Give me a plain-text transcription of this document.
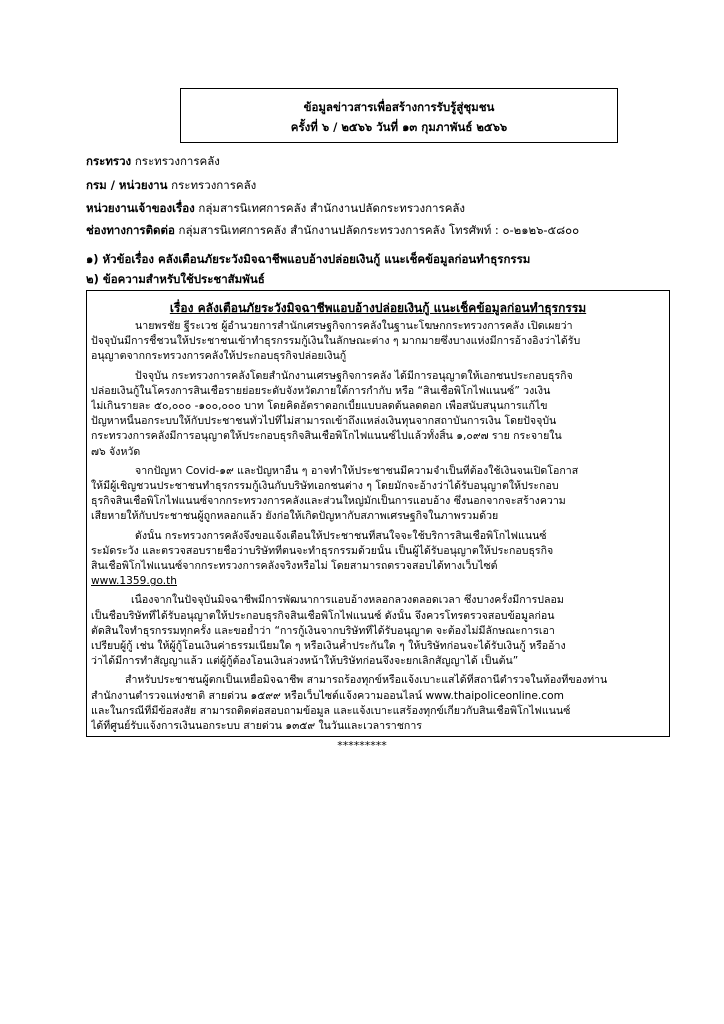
ข้อมูลข่าวสารเพื่อสร้างการรับรู้สู่ชุมชน
ครั้งที่ ๖ / ๒๕๖๖ วันที่ ๑๓ กุมภาพันธ์ ๒๕๖๖
กระทรวง กระทรวงการคลัง
กรม / หน่วยงาน กระทรวงการคลัง
หน่วยงานเจ้าของเรื่อง กลุ่มสารนิเทศการคลัง สำนักงานปลัดกระทรวงการคลัง
ช่องทางการติดต่อ กลุ่มสารนิเทศการคลัง สำนักงานปลัดกระทรวงการคลัง โทรศัพท์ : ๐-๒๑๒๖-๕๘๐๐
๑) หัวข้อเรื่อง คลังเตือนภัยระวังมิจฉาชีพแอบอ้างปล่อยเงินกู้ แนะเช็คข้อมูลก่อนทำธุรกรรม
๒) ข้อความสำหรับใช้ประชาสัมพันธ์
เรื่อง คลังเตือนภัยระวังมิจฉาชีพแอบอ้างปล่อยเงินกู้ แนะเช็คข้อมูลก่อนทำธุรกรรม
นายพรชัย ฐีระเวช ผู้อำนวยการสำนักเศรษฐกิจการคลังในฐานะโฆษกกระทรวงการคลัง เปิดเผยว่า
ปัจจุบันมีการชี้ชวนให้ประชาชนเข้าทำธุรกรรมกู้เงินในลักษณะต่าง ๆ มากมายซึ่งบางแห่งมีการอ้างอิงว่าได้รับ
อนุญาตจากกระทรวงการคลังให้ประกอบธุรกิจปล่อยเงินกู้
ปัจจุบัน กระทรวงการคลังโดยสำนักงานเศรษฐกิจการคลัง ได้มีการอนุญาตให้เอกชนประกอบธุรกิจ
ปล่อยเงินกู้ในโครงการสินเชื่อรายย่อยระดับจังหวัดภายใต้การกำกับ หรือ “สินเชื่อพิโกไฟแนนซ์” วงเงิน
ไม่เกินรายละ ๕๐,๐๐๐ -๑๐๐,๐๐๐ บาท โดยคิดอัตราดอกเบี้ยแบบลดต้นลดดอก เพื่อสนับสนุนการแก้ไข
ปัญหาหนี้นอกระบบให้กับประชาชนทั่วไปที่ไม่สามารถเข้าถึงแหล่งเงินทุนจากสถาบันการเงิน โดยปัจจุบัน
กระทรวงการคลังมีการอนุญาตให้ประกอบธุรกิจสินเชื่อพิโกไฟแนนซ์ไปแล้วทั้งสิ้น ๑,๐๙๗ ราย กระจายใน
๗๖ จังหวัด
จากปัญหา Covid-๑๙ และปัญหาอื่น ๆ อาจทำให้ประชาชนมีความจำเป็นที่ต้องใช้เงินจนเปิดโอกาส
ให้มีผู้เชิญชวนประชาชนทำธุรกรรมกู้เงินกับบริษัทเอกชนต่าง ๆ โดยมักจะอ้างว่าได้รับอนุญาตให้ประกอบ
ธุรกิจสินเชื่อพิโกไฟแนนซ์จากกระทรวงการคลังและส่วนใหญ่มักเป็นการแอบอ้าง ซึ่งนอกจากจะสร้างความ
เสียหายให้กับประชาชนผู้ถูกหลอกแล้ว ยังก่อให้เกิดปัญหากับสภาพเศรษฐกิจในภาพรวมด้วย
ดังนั้น กระทรวงการคลังจึงขอแจ้งเตือนให้ประชาชนที่สนใจจะใช้บริการสินเชื่อพิโกไฟแนนซ์
ระมัดระวัง และตรวจสอบรายชื่อว่าบริษัทที่ตนจะทำธุรกรรมด้วยนั้น เป็นผู้ได้รับอนุญาตให้ประกอบธุรกิจ
สินเชื่อพิโกไฟแนนซ์จากกระทรวงการคลังจริงหรือไม่ โดยสามารถตรวจสอบได้ทางเว็บไซต์
www.1359.go.th
เนื่องจากในปัจจุบันมิจฉาชีพมีการพัฒนาการแอบอ้างหลอกลวงตลอดเวลา ซึ่งบางครั้งมีการปลอม
เป็นชื่อบริษัทที่ได้รับอนุญาตให้ประกอบธุรกิจสินเชื่อพิโกไฟแนนซ์ ดังนั้น จึงควรโทรตรวจสอบข้อมูลก่อน
ตัดสินใจทำธุรกรรมทุกครั้ง และขอย้ำว่า “การกู้เงินจากบริษัทที่ได้รับอนุญาต จะต้องไม่มีลักษณะการเอา
เปรียบผู้กู้ เช่น ให้ผู้กู้โอนเงินค่าธรรมเนียมใด ๆ หรือเงินค้ำประกันใด ๆ ให้บริษัทก่อนจะได้รับเงินกู้ หรืออ้าง
ว่าได้มีการทำสัญญาแล้ว แต่ผู้กู้ต้องโอนเงินล่วงหน้าให้บริษัทก่อนจึงจะยกเลิกสัญญาได้ เป็นต้น”
สำหรับประชาชนผู้ตกเป็นเหยื่อมิจฉาชีพ สามารถร้องทุกข์หรือแจ้งเบาะแสได้ที่สถานีตำรวจในท้องที่ของท่าน
สำนักงานตำรวจแห่งชาติ สายด่วน ๑๕๙๙ หรือเว็บไซต์แจ้งความออนไลน์ www.thaipoliceonline.com
และในกรณีที่มีข้อสงสัย สามารถติดต่อสอบถามข้อมูล และแจ้งเบาะแสร้องทุกข์เกี่ยวกับสินเชื่อพิโกไฟแนนซ์
ได้ที่ศูนย์รับแจ้งการเงินนอกระบบ สายด่วน ๑๓๕๙ ในวันและเวลาราชการ
*********
